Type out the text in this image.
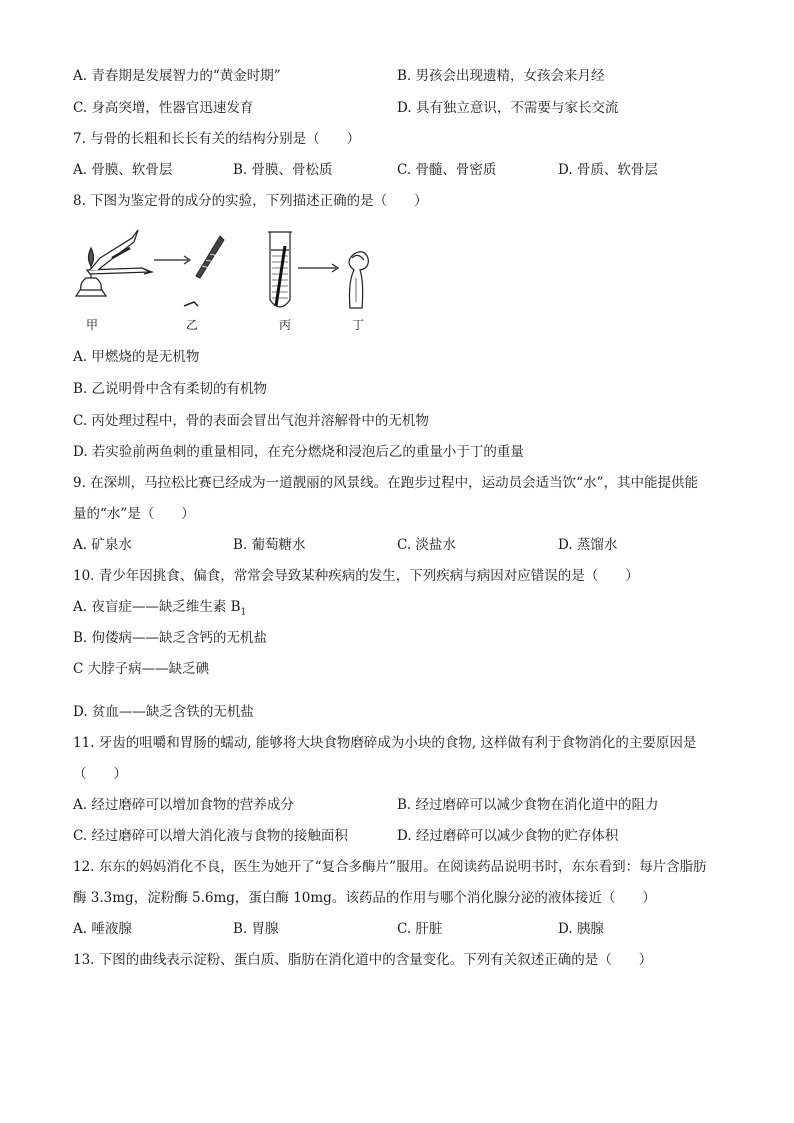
A. 青春期是发展智力的“黄金时期”	B. 男孩会出现遗精，女孩会来月经
C. 身高突增，性器官迅速发育	D. 具有独立意识，不需要与家长交流
7. 与骨的长粗和长长有关的结构分别是（　　）
A. 骨膜、软骨层	B. 骨膜、骨松质	C. 骨髓、骨密质	D. 骨质、软骨层
8. 下图为鉴定骨的成分的实验，下列描述正确的是（　　）
甲	乙	丙	丁
A. 甲燃烧的是无机物
B. 乙说明骨中含有柔韧的有机物
C. 丙处理过程中，骨的表面会冒出气泡并溶解骨中的无机物
D. 若实验前两鱼刺的重量相同，在充分燃烧和浸泡后乙的重量小于丁的重量
9. 在深圳，马拉松比赛已经成为一道靓丽的风景线。在跑步过程中，运动员会适当饮“水”，其中能提供能
量的“水”是（　　）
A. 矿泉水	B. 葡萄糖水	C. 淡盐水	D. 蒸馏水
10. 青少年因挑食、偏食，常常会导致某种疾病的发生，下列疾病与病因对应错误的是（　　）
A. 夜盲症——缺乏维生素 $B_1$
B. 佝偻病——缺乏含钙的无机盐
C 大脖子病——缺乏碘
D. 贫血——缺乏含铁的无机盐
11. 牙齿的咀嚼和胃肠的蠕动, 能够将大块食物磨碎成为小块的食物, 这样做有利于食物消化的主要原因是
（　　）
A. 经过磨碎可以增加食物的营养成分	B. 经过磨碎可以减少食物在消化道中的阻力
C. 经过磨碎可以增大消化液与食物的接触面积	D. 经过磨碎可以减少食物的贮存体积
12. 东东的妈妈消化不良，医生为她开了“复合多酶片”服用。在阅读药品说明书时，东东看到：每片含脂肪
酶 3.3mg，淀粉酶 5.6mg，蛋白酶 10mg。该药品的作用与哪个消化腺分泌的液体接近（　　）
A. 唾液腺	B. 胃腺	C. 肝脏	D. 胰腺
13. 下图的曲线表示淀粉、蛋白质、脂肪在消化道中的含量变化。下列有关叙述正确的是（　　）
